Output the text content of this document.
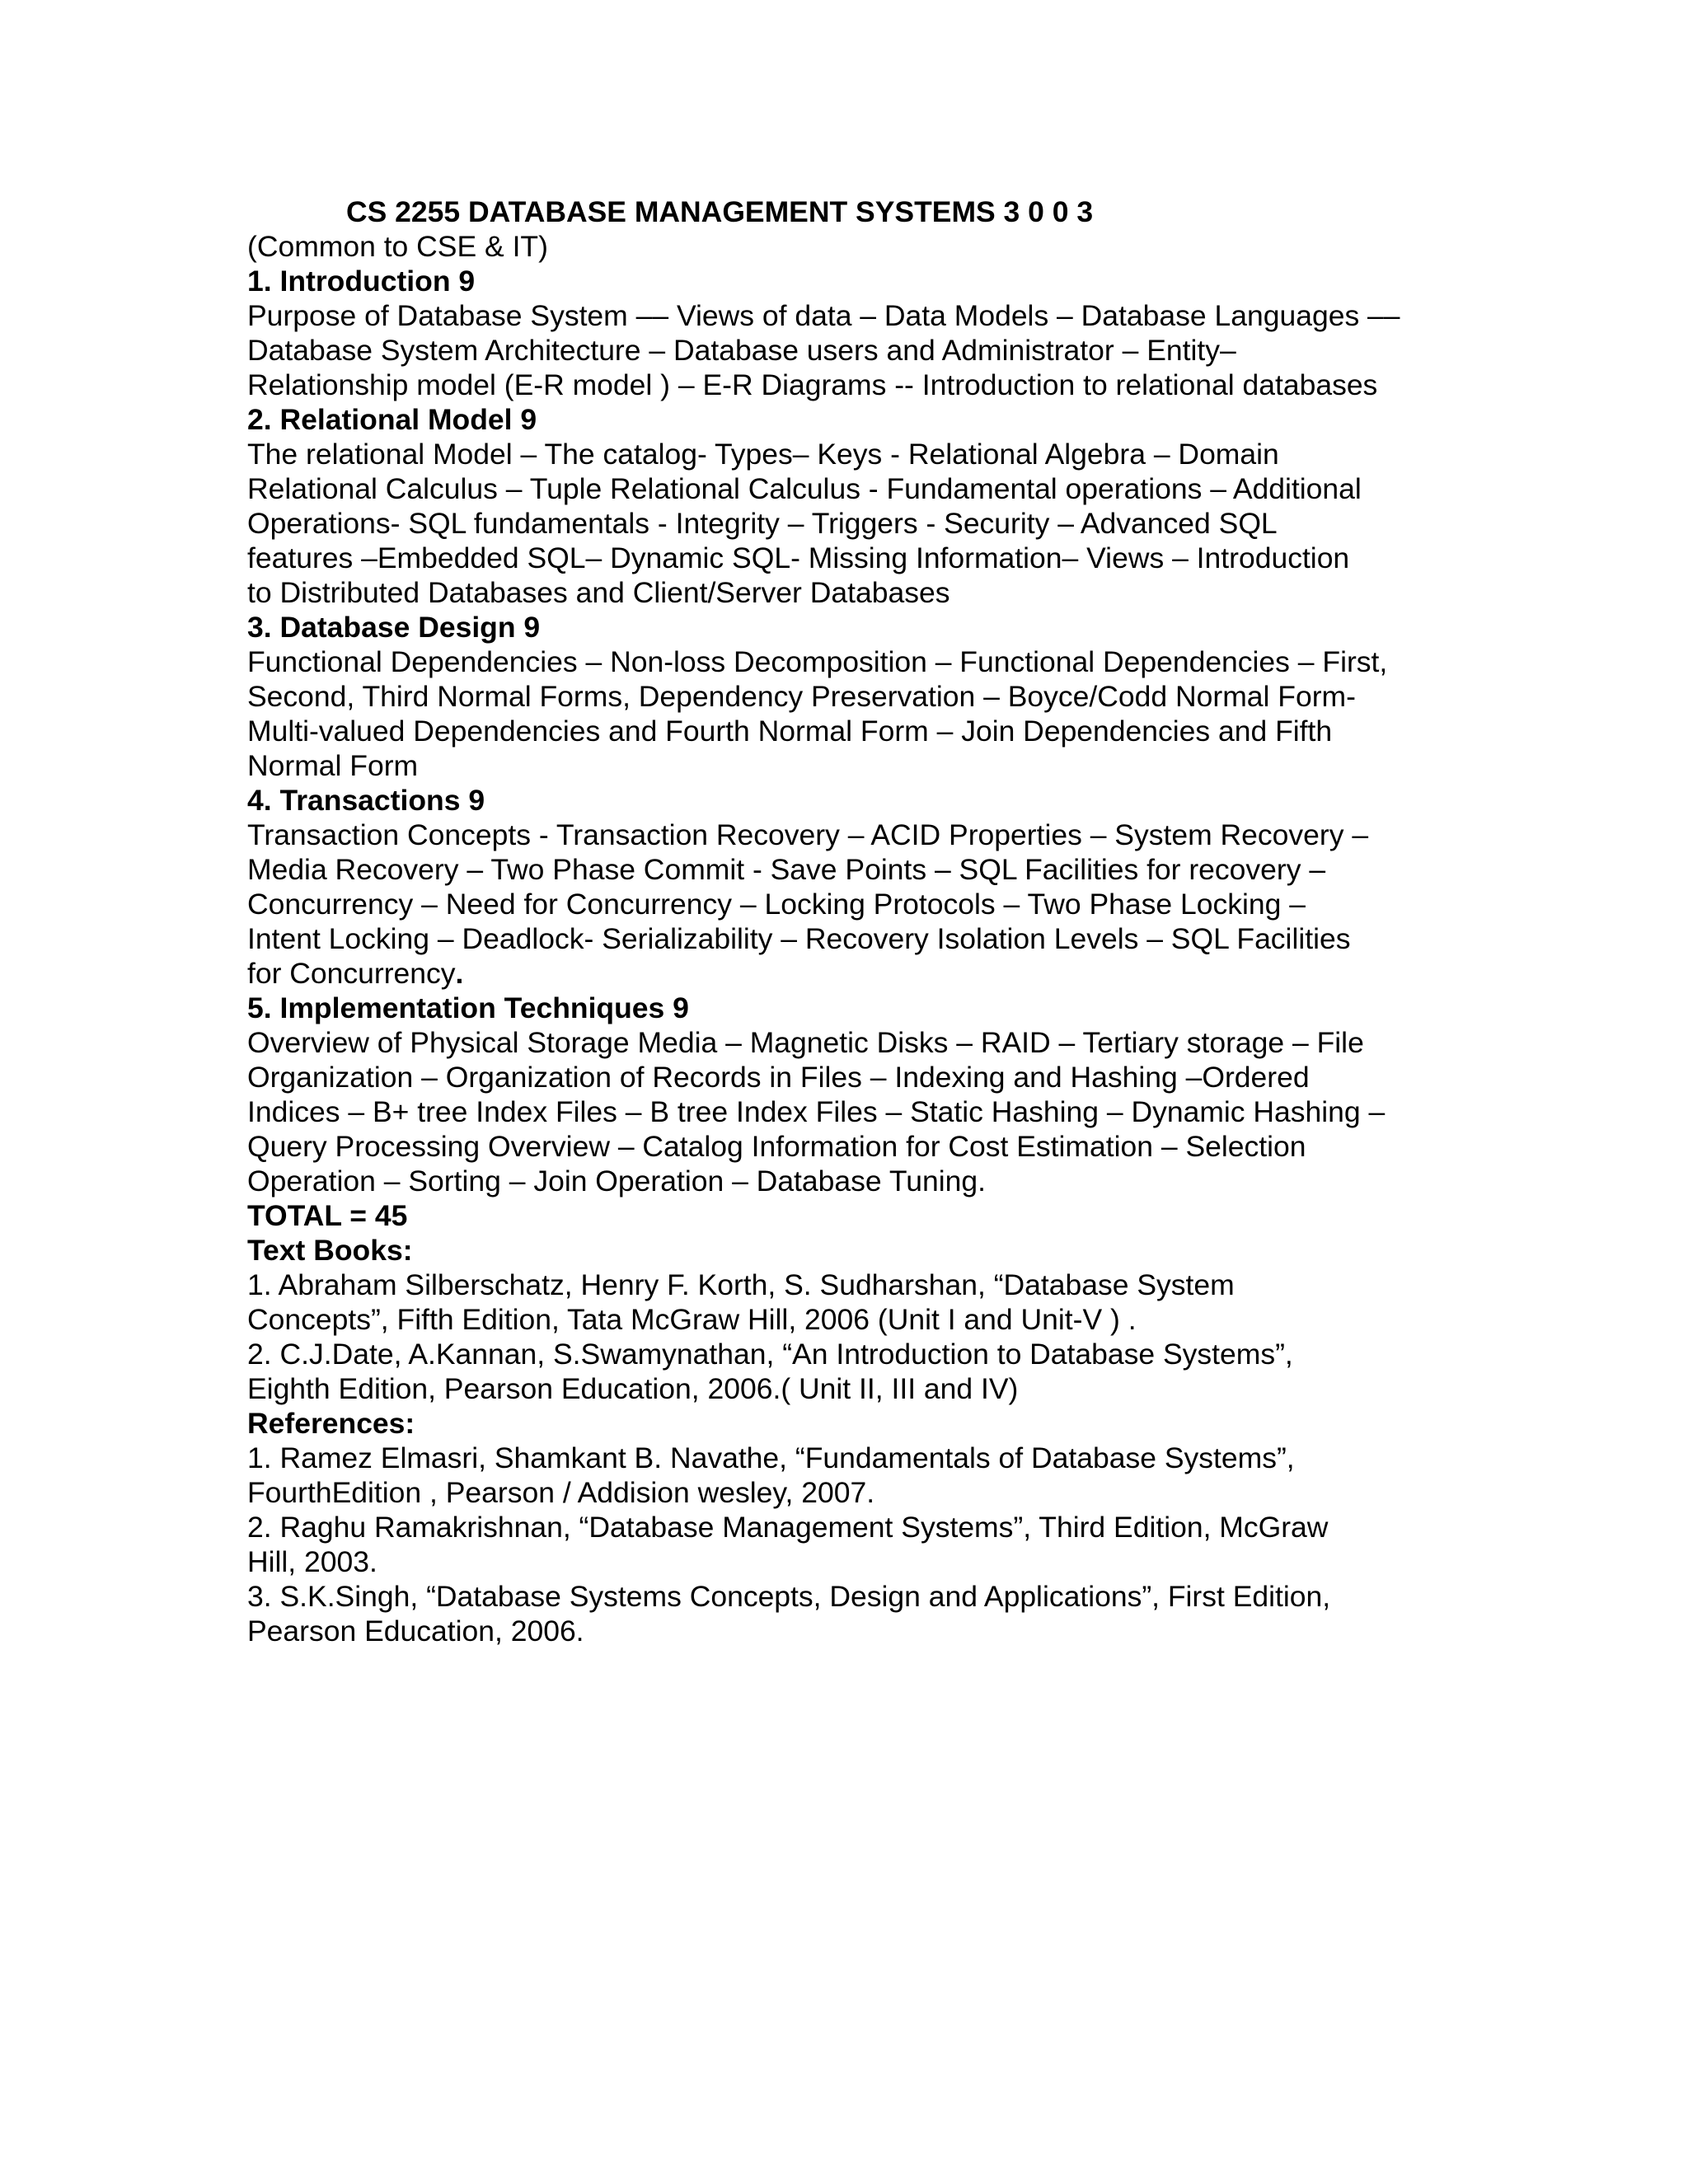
CS 2255 DATABASE MANAGEMENT SYSTEMS 3 0 0 3
(Common to CSE & IT)
1. Introduction 9
Purpose of Database System –– Views of data – Data Models – Database Languages ––
Database System Architecture – Database users and Administrator – Entity–
Relationship model (E-R model ) – E-R Diagrams -- Introduction to relational databases
2. Relational Model 9
The relational Model – The catalog- Types– Keys - Relational Algebra – Domain
Relational Calculus – Tuple Relational Calculus - Fundamental operations – Additional
Operations- SQL fundamentals - Integrity – Triggers - Security – Advanced SQL
features –Embedded SQL– Dynamic SQL- Missing Information– Views – Introduction
to Distributed Databases and Client/Server Databases
3. Database Design 9
Functional Dependencies – Non-loss Decomposition – Functional Dependencies – First,
Second, Third Normal Forms, Dependency Preservation – Boyce/Codd Normal Form-
Multi-valued Dependencies and Fourth Normal Form – Join Dependencies and Fifth
Normal Form
4. Transactions 9
Transaction Concepts - Transaction Recovery – ACID Properties – System Recovery –
Media Recovery – Two Phase Commit - Save Points – SQL Facilities for recovery –
Concurrency – Need for Concurrency – Locking Protocols – Two Phase Locking –
Intent Locking – Deadlock- Serializability – Recovery Isolation Levels – SQL Facilities
for Concurrency.
5. Implementation Techniques 9
Overview of Physical Storage Media – Magnetic Disks – RAID – Tertiary storage – File
Organization – Organization of Records in Files – Indexing and Hashing –Ordered
Indices – B+ tree Index Files – B tree Index Files – Static Hashing – Dynamic Hashing –
Query Processing Overview – Catalog Information for Cost Estimation – Selection
Operation – Sorting – Join Operation – Database Tuning.
TOTAL = 45
Text Books:
1. Abraham Silberschatz, Henry F. Korth, S. Sudharshan, “Database System
Concepts”, Fifth Edition, Tata McGraw Hill, 2006 (Unit I and Unit-V ) .
2. C.J.Date, A.Kannan, S.Swamynathan, “An Introduction to Database Systems”,
Eighth Edition, Pearson Education, 2006.( Unit II, III and IV)
References:
1. Ramez Elmasri, Shamkant B. Navathe, “Fundamentals of Database Systems”,
FourthEdition , Pearson / Addision wesley, 2007.
2. Raghu Ramakrishnan, “Database Management Systems”, Third Edition, McGraw
Hill, 2003.
3. S.K.Singh, “Database Systems Concepts, Design and Applications”, First Edition,
Pearson Education, 2006.
